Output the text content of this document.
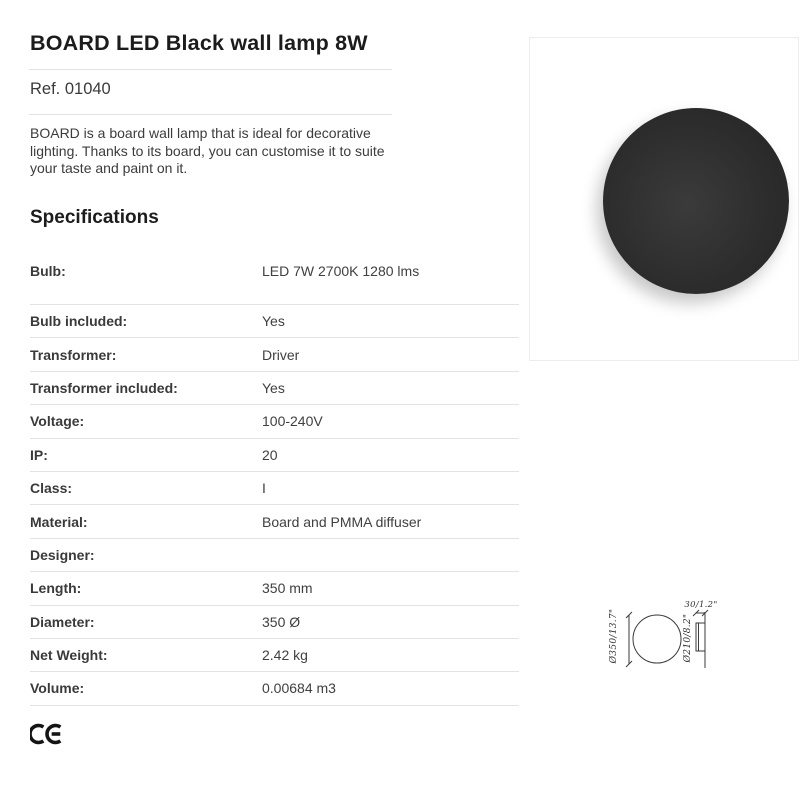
BOARD LED Black wall lamp 8W
Ref. 01040

BOARD is a board wall lamp that is ideal for decorative lighting. Thanks to its board, you can customise it to suite your taste and paint on it.

Specifications
Bulb:	LED 7W 2700K 1280 lms
Bulb included:	Yes
Transformer:	Driver
Transformer included:	Yes
Voltage:	100-240V
IP:	20
Class:	I
Material:	Board and PMMA diffuser
Designer:
Length:	350 mm
Diameter:	350 Ø
Net Weight:	2.42 kg
Volume:	0.00684 m3
Ø350/13.7"
30/1.2"
Ø210/8.2"
